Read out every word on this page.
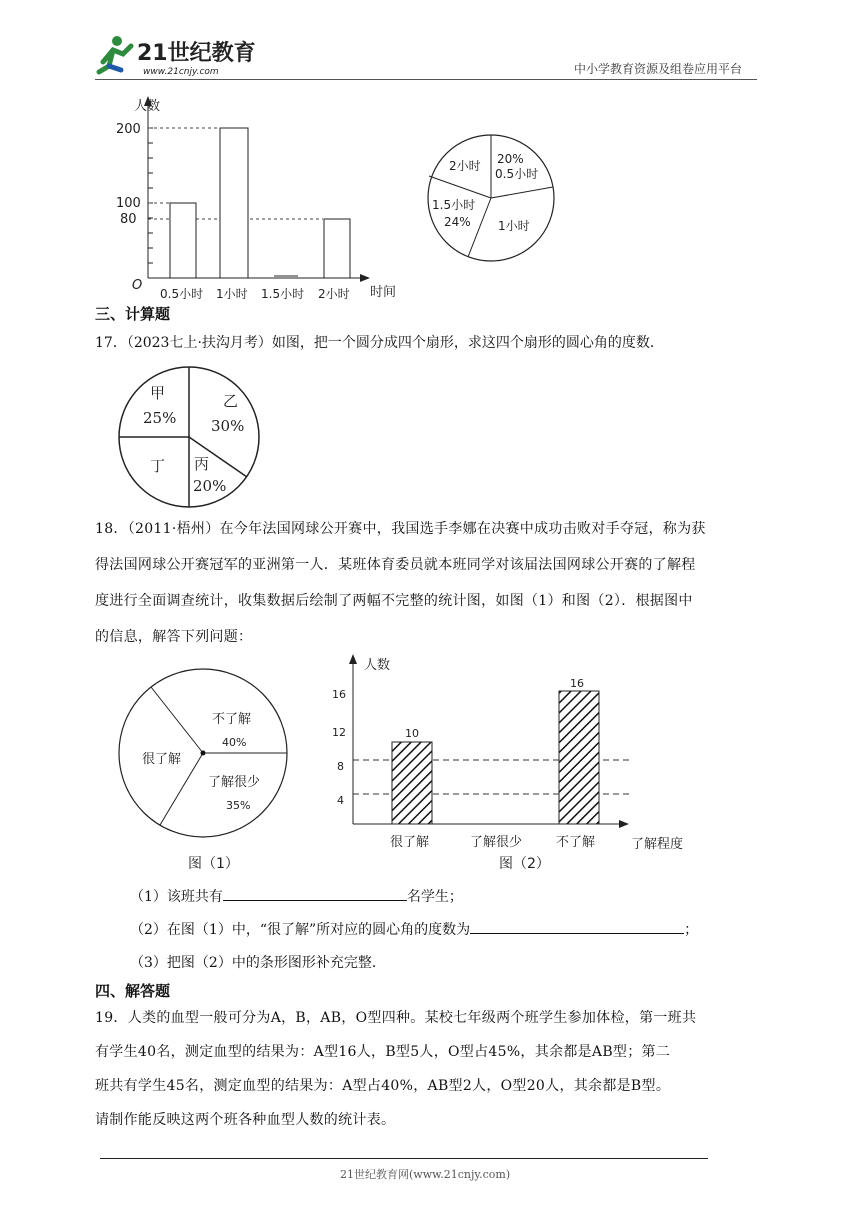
21世纪教育
www.21cnjy.com	中小学教育资源及组卷应用平台
人数
200
100
80
O
0.5小时 1小时 1.5小时 2小时 时间
2小时 20%
0.5小时
1.5小时
24% 1小时
三、计算题
17．（2023七上·扶沟月考）如图，把一个圆分成四个扇形，求这四个扇形的圆心角的度数．
甲
25%
乙
30%
丁 丙
20%
18．（2011·梧州）在今年法国网球公开赛中，我国选手李娜在决赛中成功击败对手夺冠，称为获
得法国网球公开赛冠军的亚洲第一人．某班体育委员就本班同学对该届法国网球公开赛的了解程
度进行全面调查统计，收集数据后绘制了两幅不完整的统计图，如图（1）和图（2）．根据图中
的信息，解答下列问题：
不了解
40%
很了解
了解很少
35%
图（1）
人数
16
12
8
4
10
16
很了解	了解很少	不了解	了解程度
图（2）
（1）该班共有	名学生；
（2）在图（1）中，“很了解”所对应的圆心角的度数为	；
（3）把图（2）中的条形图形补充完整．
四、解答题
19．人类的血型一般可分为A，B，AB，O型四种。某校七年级两个班学生参加体检，第一班共
有学生40名，测定血型的结果为：A型16人，B型5人，O型占45%，其余都是AB型；第二
班共有学生45名，测定血型的结果为：A型占40%，AB型2人，O型20人，其余都是B型。
请制作能反映这两个班各种血型人数的统计表。
21世纪教育网(www.21cnjy.com)
